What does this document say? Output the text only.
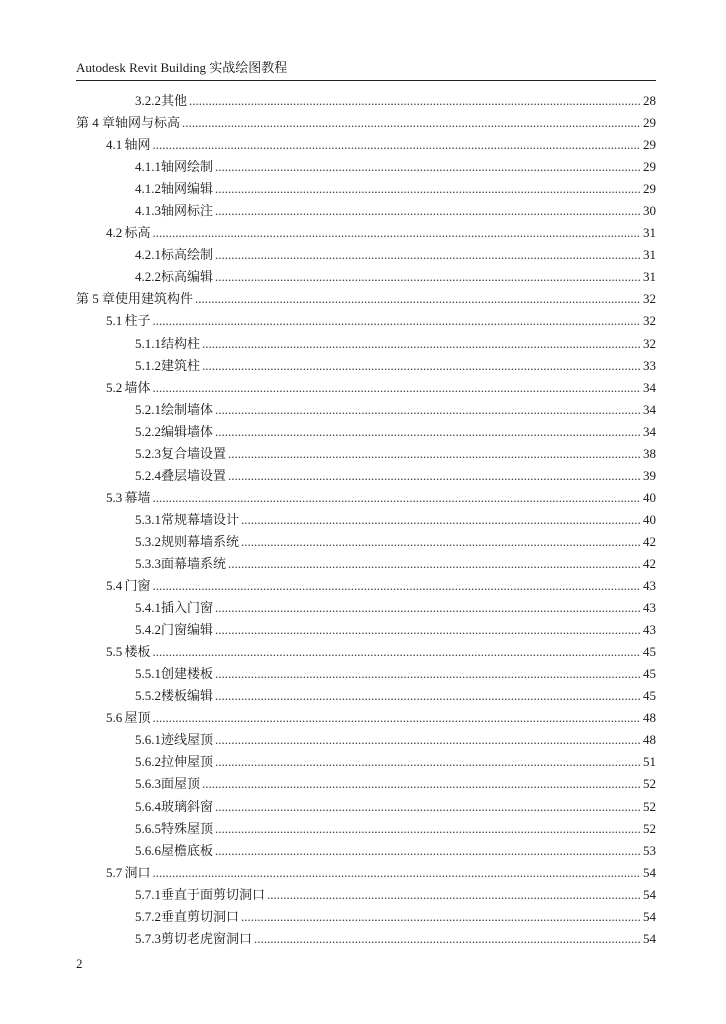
Autodesk Revit Building 实战绘图教程
3.2.2 其他 .....	28
第 4 章 轴网与标高 .....	29
4.1 轴网 .....	29
4.1.1 轴网绘制 .....	29
4.1.2 轴网编辑 .....	29
4.1.3 轴网标注 .....	30
4.2 标高 .....	31
4.2.1 标高绘制 .....	31
4.2.2 标高编辑 .....	31
第 5 章 使用建筑构件 .....	32
5.1 柱子 .....	32
5.1.1 结构柱 .....	32
5.1.2 建筑柱 .....	33
5.2 墙体 .....	34
5.2.1 绘制墙体 .....	34
5.2.2 编辑墙体 .....	34
5.2.3 复合墙设置 .....	38
5.2.4 叠层墙设置 .....	39
5.3 幕墙 .....	40
5.3.1 常规幕墙设计 .....	40
5.3.2 规则幕墙系统 .....	42
5.3.3 面幕墙系统 .....	42
5.4 门窗 .....	43
5.4.1 插入门窗 .....	43
5.4.2 门窗编辑 .....	43
5.5 楼板 .....	45
5.5.1 创建楼板 .....	45
5.5.2 楼板编辑 .....	45
5.6 屋顶 .....	48
5.6.1 迹线屋顶 .....	48
5.6.2 拉伸屋顶 .....	51
5.6.3 面屋顶 .....	52
5.6.4 玻璃斜窗 .....	52
5.6.5 特殊屋顶 .....	52
5.6.6 屋檐底板 .....	53
5.7 洞口 .....	54
5.7.1 垂直于面剪切洞口 .....	54
5.7.2 垂直剪切洞口 .....	54
5.7.3 剪切老虎窗洞口 .....	54
2
